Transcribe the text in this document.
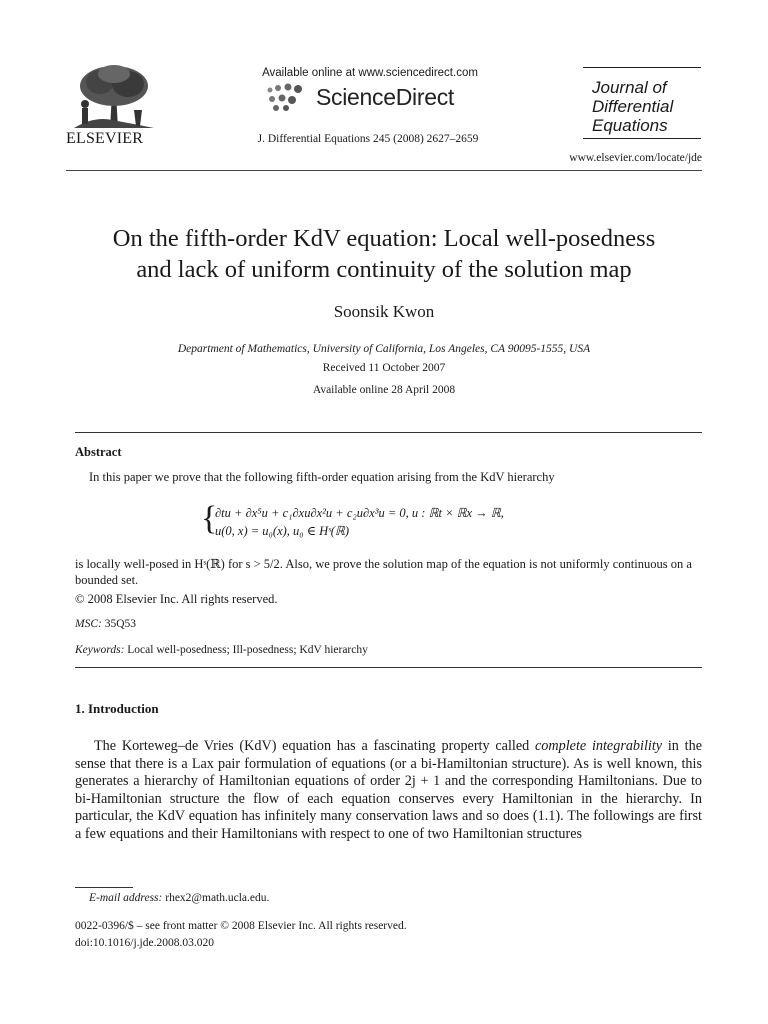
ELSEVIER
Available online at www.sciencedirect.com
ScienceDirect
J. Differential Equations 245 (2008) 2627–2659
Journal of
Differential
Equations
www.elsevier.com/locate/jde
On the fifth-order KdV equation: Local well-posedness
and lack of uniform continuity of the solution map
Soonsik Kwon
Department of Mathematics, University of California, Los Angeles, CA 90095-1555, USA
Received 11 October 2007
Available online 28 April 2008
Abstract
In this paper we prove that the following fifth-order equation arising from the KdV hierarchy
{
∂tu + ∂x⁵u + c₁∂xu∂x²u + c₂u∂x³u = 0, u : ℝt × ℝx → ℝ,
u(0, x) = u₀(x), u₀ ∈ Hˢ(ℝ)
is locally well-posed in Hˢ(ℝ) for s > 5/2. Also, we prove the solution map of the equation is not uniformly continuous on a bounded set.
© 2008 Elsevier Inc. All rights reserved.
MSC: 35Q53
Keywords: Local well-posedness; Ill-posedness; KdV hierarchy
1. Introduction
The Korteweg–de Vries (KdV) equation has a fascinating property called complete integrability in the sense that there is a Lax pair formulation of equations (or a bi-Hamiltonian structure). As is well known, this generates a hierarchy of Hamiltonian equations of order 2j + 1 and the corresponding Hamiltonians. Due to bi-Hamiltonian structure the flow of each equation conserves every Hamiltonian in the hierarchy. In particular, the KdV equation has infinitely many conservation laws and so does (1.1). The followings are first a few equations and their Hamiltonians with respect to one of two Hamiltonian structures
E-mail address: rhex2@math.ucla.edu.
0022-0396/$ – see front matter © 2008 Elsevier Inc. All rights reserved.
doi:10.1016/j.jde.2008.03.020
